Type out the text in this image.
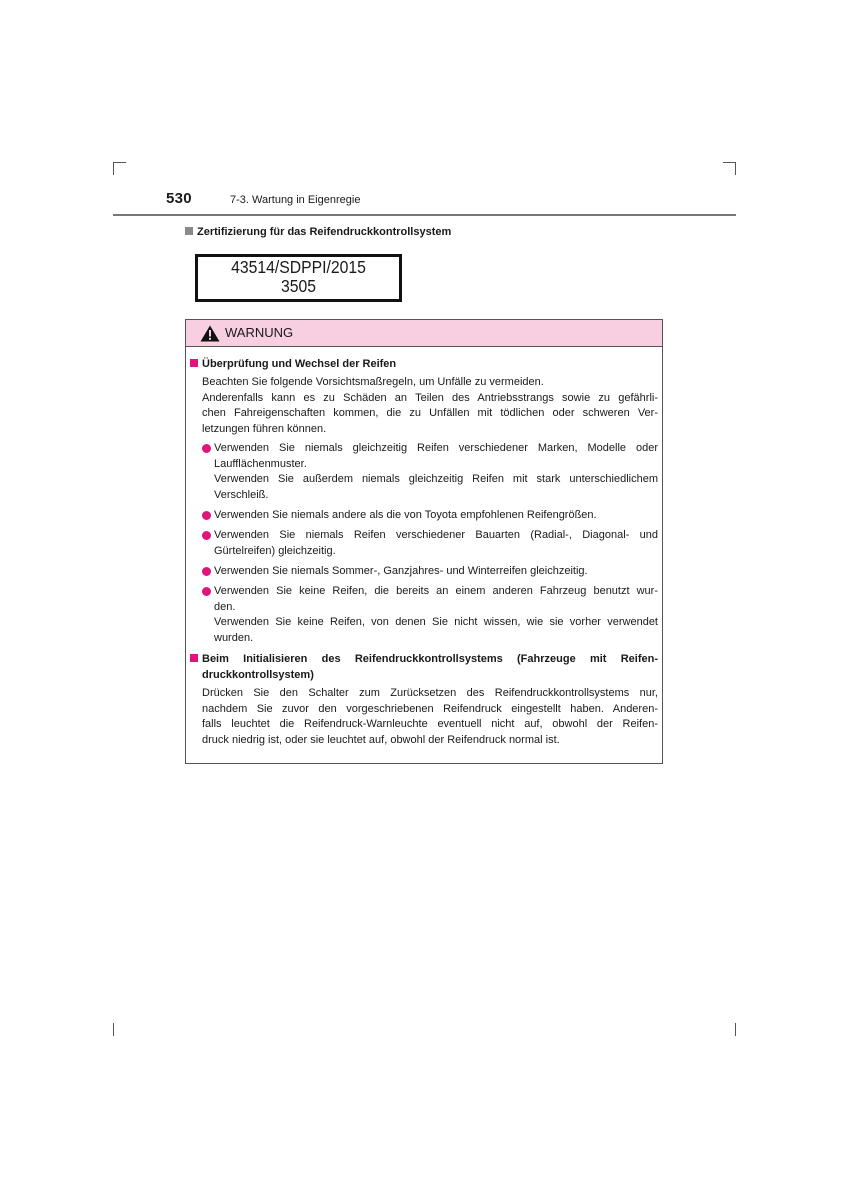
530	7-3. Wartung in Eigenregie
Zertifizierung für das Reifendruckkontrollsystem
43514/SDPPI/2015
3505
WARNUNG
Überprüfung und Wechsel der Reifen
Beachten Sie folgende Vorsichtsmaßregeln, um Unfälle zu vermeiden.
Anderenfalls kann es zu Schäden an Teilen des Antriebsstrangs sowie zu gefährli-
chen Fahreigenschaften kommen, die zu Unfällen mit tödlichen oder schweren Ver-
letzungen führen können.
Verwenden Sie niemals gleichzeitig Reifen verschiedener Marken, Modelle oder
Laufflächenmuster.
Verwenden Sie außerdem niemals gleichzeitig Reifen mit stark unterschiedlichem
Verschleiß.
Verwenden Sie niemals andere als die von Toyota empfohlenen Reifengrößen.
Verwenden Sie niemals Reifen verschiedener Bauarten (Radial-, Diagonal- und
Gürtelreifen) gleichzeitig.
Verwenden Sie niemals Sommer-, Ganzjahres- und Winterreifen gleichzeitig.
Verwenden Sie keine Reifen, die bereits an einem anderen Fahrzeug benutzt wur-
den.
Verwenden Sie keine Reifen, von denen Sie nicht wissen, wie sie vorher verwendet
wurden.
Beim Initialisieren des Reifendruckkontrollsystems (Fahrzeuge mit Reifen-
druckkontrollsystem)
Drücken Sie den Schalter zum Zurücksetzen des Reifendruckkontrollsystems nur,
nachdem Sie zuvor den vorgeschriebenen Reifendruck eingestellt haben. Anderen-
falls leuchtet die Reifendruck-Warnleuchte eventuell nicht auf, obwohl der Reifen-
druck niedrig ist, oder sie leuchtet auf, obwohl der Reifendruck normal ist.
